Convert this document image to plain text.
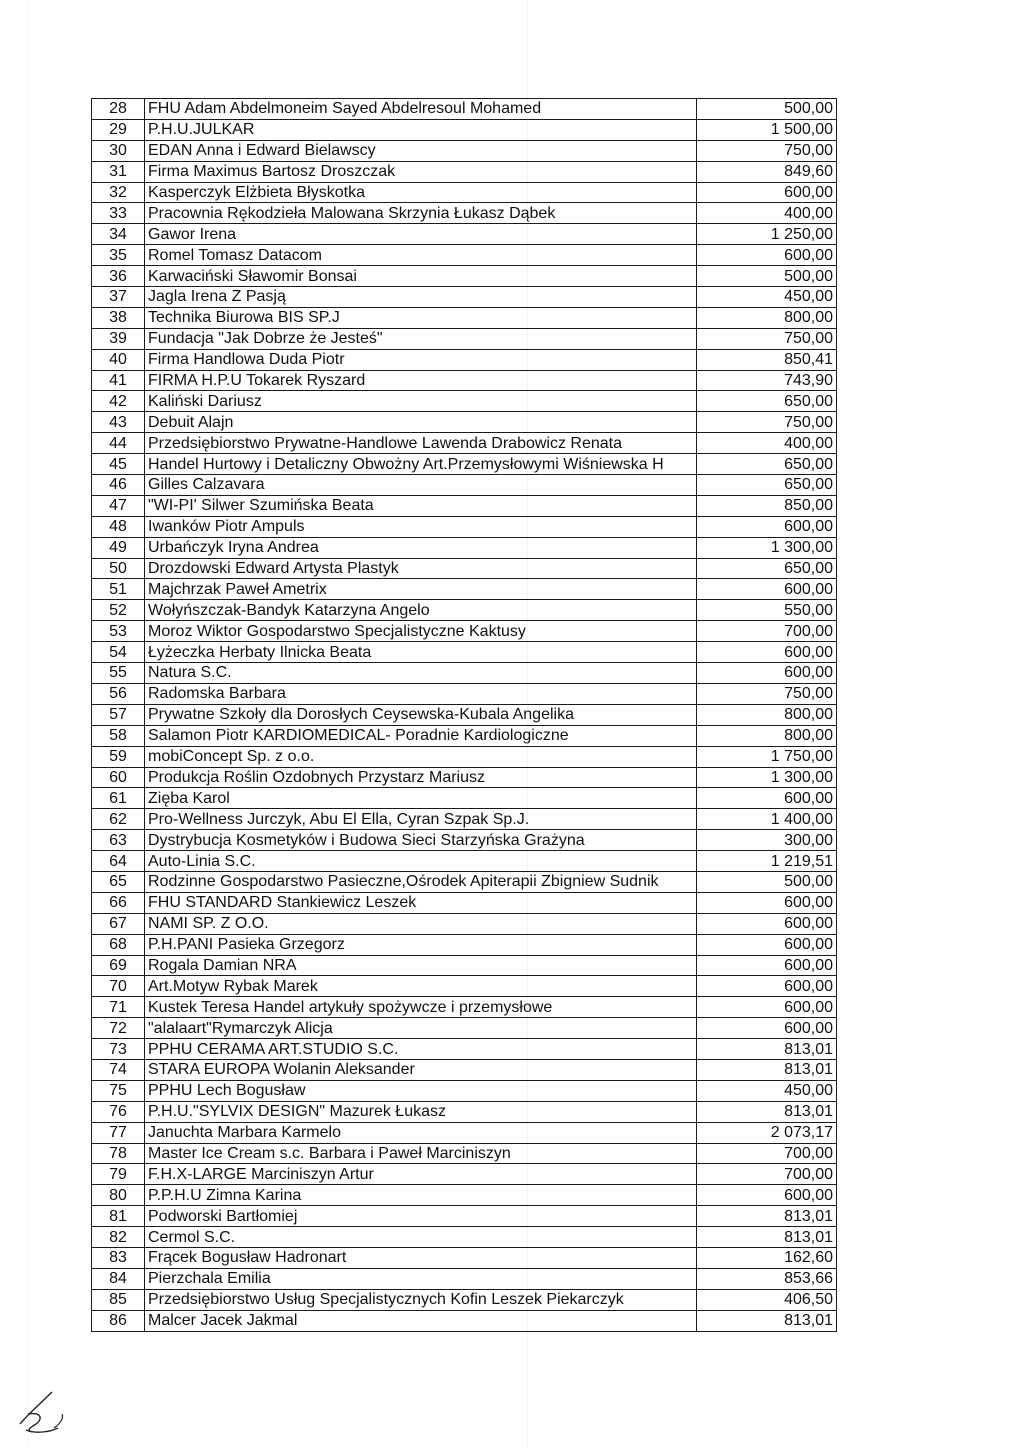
28	FHU Adam Abdelmoneim Sayed Abdelresoul Mohamed	500,00
29	P.H.U.JULKAR	1 500,00
30	EDAN Anna i Edward Bielawscy	750,00
31	Firma Maximus Bartosz Droszczak	849,60
32	Kasperczyk Elżbieta Błyskotka	600,00
33	Pracownia Rękodzieła Malowana Skrzynia Łukasz Dąbek	400,00
34	Gawor Irena	1 250,00
35	Romel Tomasz Datacom	600,00
36	Karwaciński Sławomir Bonsai	500,00
37	Jagla Irena Z Pasją	450,00
38	Technika Biurowa BIS SP.J	800,00
39	Fundacja "Jak Dobrze że Jesteś"	750,00
40	Firma Handlowa Duda Piotr	850,41
41	FIRMA H.P.U Tokarek Ryszard	743,90
42	Kaliński Dariusz	650,00
43	Debuit Alajn	750,00
44	Przedsiębiorstwo Prywatne-Handlowe Lawenda Drabowicz Renata	400,00
45	Handel Hurtowy i Detaliczny Obwożny Art.Przemysłowymi Wiśniewska H	650,00
46	Gilles Calzavara	650,00
47	"WI-PI' Silwer Szumińska Beata	850,00
48	Iwanków Piotr Ampuls	600,00
49	Urbańczyk Iryna Andrea	1 300,00
50	Drozdowski Edward Artysta Plastyk	650,00
51	Majchrzak Paweł Ametrix	600,00
52	Wołyńszczak-Bandyk Katarzyna Angelo	550,00
53	Moroz Wiktor Gospodarstwo Specjalistyczne Kaktusy	700,00
54	Łyżeczka Herbaty Ilnicka Beata	600,00
55	Natura S.C.	600,00
56	Radomska Barbara	750,00
57	Prywatne Szkoły dla Dorosłych Ceysewska-Kubala Angelika	800,00
58	Salamon Piotr KARDIOMEDICAL- Poradnie Kardiologiczne	800,00
59	mobiConcept Sp. z o.o.	1 750,00
60	Produkcja Roślin Ozdobnych Przystarz Mariusz	1 300,00
61	Zięba Karol	600,00
62	Pro-Wellness Jurczyk, Abu El Ella, Cyran Szpak Sp.J.	1 400,00
63	Dystrybucja Kosmetyków i Budowa Sieci Starzyńska Grażyna	300,00
64	Auto-Linia S.C.	1 219,51
65	Rodzinne Gospodarstwo Pasieczne,Ośrodek Apiterapii Zbigniew Sudnik	500,00
66	FHU STANDARD Stankiewicz Leszek	600,00
67	NAMI SP. Z O.O.	600,00
68	P.H.PANI Pasieka Grzegorz	600,00
69	Rogala Damian NRA	600,00
70	Art.Motyw Rybak Marek	600,00
71	Kustek Teresa Handel artykuły spożywcze i przemysłowe	600,00
72	"alalaart"Rymarczyk Alicja	600,00
73	PPHU CERAMA ART.STUDIO S.C.	813,01
74	STARA EUROPA Wolanin Aleksander	813,01
75	PPHU Lech Bogusław	450,00
76	P.H.U."SYLVIX DESIGN" Mazurek Łukasz	813,01
77	Januchta Marbara Karmelo	2 073,17
78	Master Ice Cream s.c. Barbara i Paweł Marciniszyn	700,00
79	F.H.X-LARGE Marciniszyn Artur	700,00
80	P.P.H.U Zimna Karina	600,00
81	Podworski Bartłomiej	813,01
82	Cermol S.C.	813,01
83	Frącek Bogusław Hadronart	162,60
84	Pierzchala Emilia	853,66
85	Przedsiębiorstwo Usług Specjalistycznych Kofin Leszek Piekarczyk	406,50
86	Malcer Jacek Jakmal	813,01
